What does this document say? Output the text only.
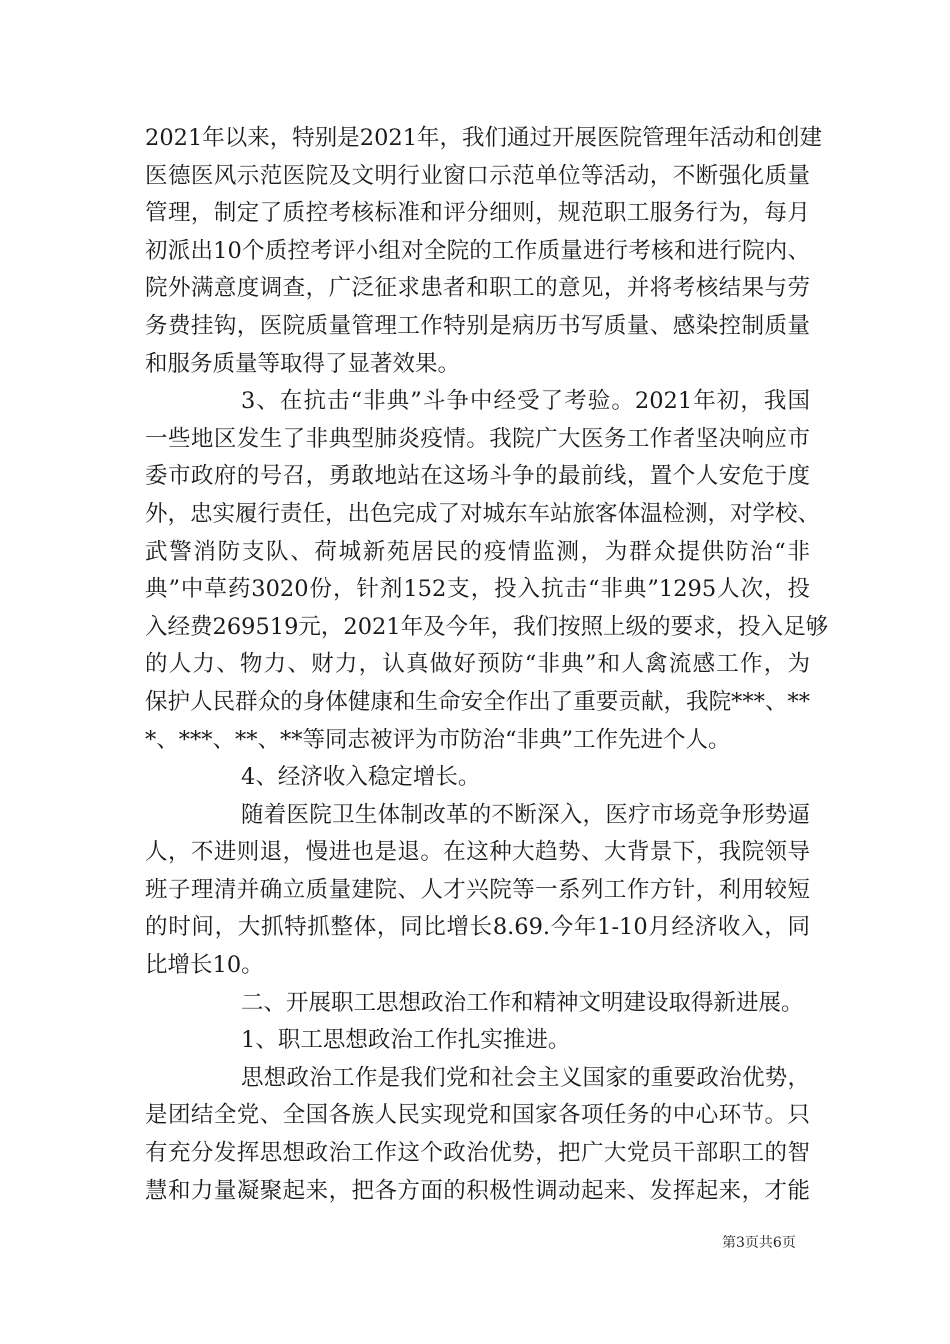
2021年以来，特别是2021年，我们通过开展医院管理年活动和创建
医德医风示范医院及文明行业窗口示范单位等活动，不断强化质量
管理，制定了质控考核标准和评分细则，规范职工服务行为，每月
初派出10个质控考评小组对全院的工作质量进行考核和进行院内、
院外满意度调查，广泛征求患者和职工的意见，并将考核结果与劳
务费挂钩，医院质量管理工作特别是病历书写质量、感染控制质量
和服务质量等取得了显著效果。
3、在抗击“非典”斗争中经受了考验。2021年初，我国
一些地区发生了非典型肺炎疫情。我院广大医务工作者坚决响应市
委市政府的号召，勇敢地站在这场斗争的最前线，置个人安危于度
外，忠实履行责任，出色完成了对城东车站旅客体温检测，对学校、
武警消防支队、荷城新苑居民的疫情监测，为群众提供防治“非
典”中草药3020份，针剂152支，投入抗击“非典”1295人次，投
入经费269519元，2021年及今年，我们按照上级的要求，投入足够
的人力、物力、财力，认真做好预防“非典”和人禽流感工作，为
保护人民群众的身体健康和生命安全作出了重要贡献，我院***、**
*、***、**、**等同志被评为市防治“非典”工作先进个人。
4、经济收入稳定增长。
随着医院卫生体制改革的不断深入，医疗市场竞争形势逼
人，不进则退，慢进也是退。在这种大趋势、大背景下，我院领导
班子理清并确立质量建院、人才兴院等一系列工作方针，利用较短
的时间，大抓特抓整体，同比增长8.69.今年1-10月经济收入，同
比增长10。
二、开展职工思想政治工作和精神文明建设取得新进展。
1、职工思想政治工作扎实推进。
思想政治工作是我们党和社会主义国家的重要政治优势，
是团结全党、全国各族人民实现党和国家各项任务的中心环节。只
有充分发挥思想政治工作这个政治优势，把广大党员干部职工的智
慧和力量凝聚起来，把各方面的积极性调动起来、发挥起来，才能
第3页共6页
